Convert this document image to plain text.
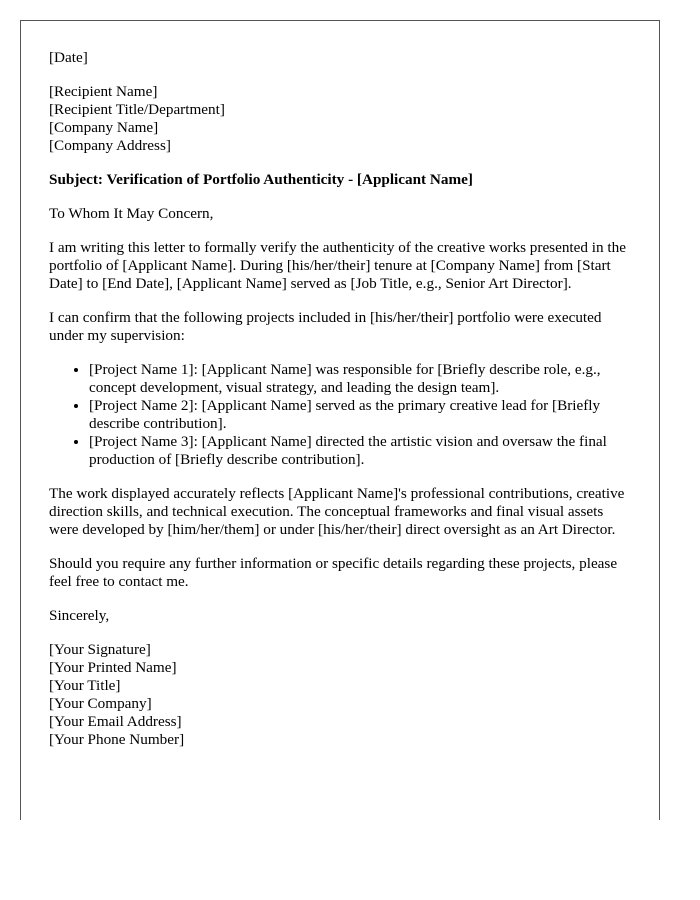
[Date]
[Recipient Name]
[Recipient Title/Department]
[Company Name]
[Company Address]
Subject: Verification of Portfolio Authenticity - [Applicant Name]
To Whom It May Concern,
I am writing this letter to formally verify the authenticity of the creative works presented in the portfolio of [Applicant Name]. During [his/her/their] tenure at [Company Name] from [Start Date] to [End Date], [Applicant Name] served as [Job Title, e.g., Senior Art Director].
I can confirm that the following projects included in [his/her/their] portfolio were executed under my supervision:
• [Project Name 1]: [Applicant Name] was responsible for [Briefly describe role, e.g., concept development, visual strategy, and leading the design team].
• [Project Name 2]: [Applicant Name] served as the primary creative lead for [Briefly describe contribution].
• [Project Name 3]: [Applicant Name] directed the artistic vision and oversaw the final production of [Briefly describe contribution].
The work displayed accurately reflects [Applicant Name]'s professional contributions, creative direction skills, and technical execution. The conceptual frameworks and final visual assets were developed by [him/her/them] or under [his/her/their] direct oversight as an Art Director.
Should you require any further information or specific details regarding these projects, please feel free to contact me.
Sincerely,
[Your Signature]
[Your Printed Name]
[Your Title]
[Your Company]
[Your Email Address]
[Your Phone Number]
